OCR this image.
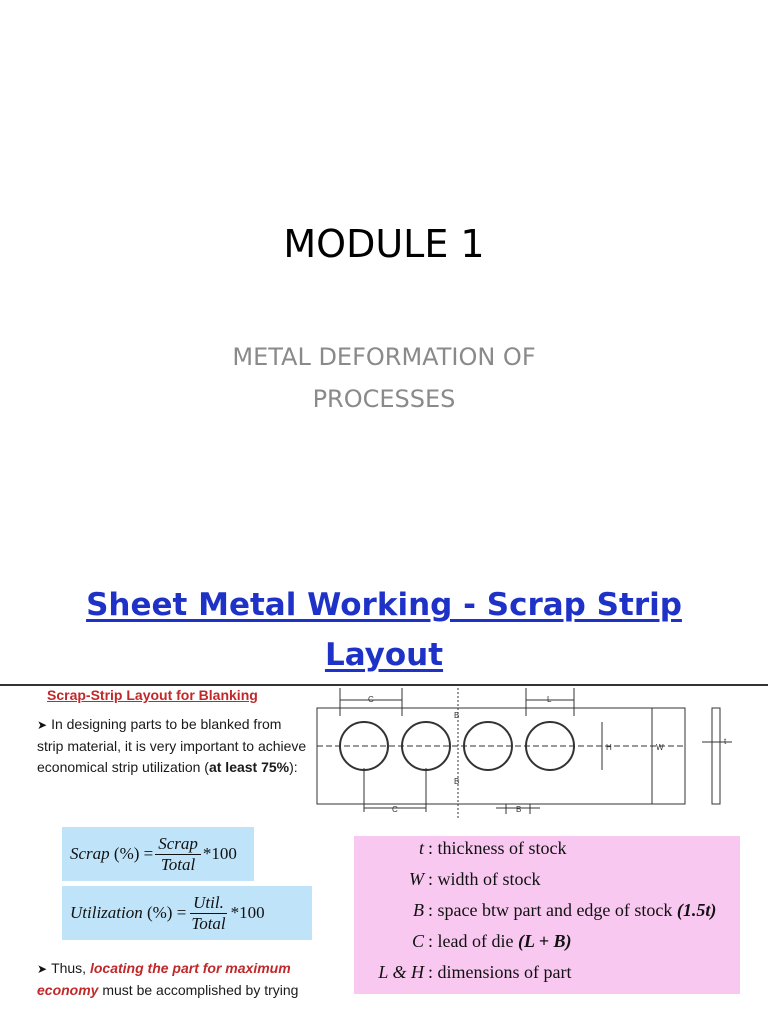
MODULE 1
METAL DEFORMATION OF
PROCESSES
Sheet Metal Working - Scrap Strip
Layout
Scrap-Strip Layout for Blanking
➤ In designing parts to be blanked from strip material, it is very important to achieve economical strip utilization (at least 75%):
Scrap
(%) = $\frac{\text{Scrap}}{\text{Total}} *100$
Utilization
(%) = $\frac{\text{Util.}}{\text{Total}} *100$
➤ Thus, locating the part for maximum economy must be accomplished by trying
C	L
B
B
C	B
H	W
t
t : thickness of stock
W : width of stock
B : space btw part and edge of stock (1.5t)
C : lead of die (L + B)
L & H : dimensions of part
